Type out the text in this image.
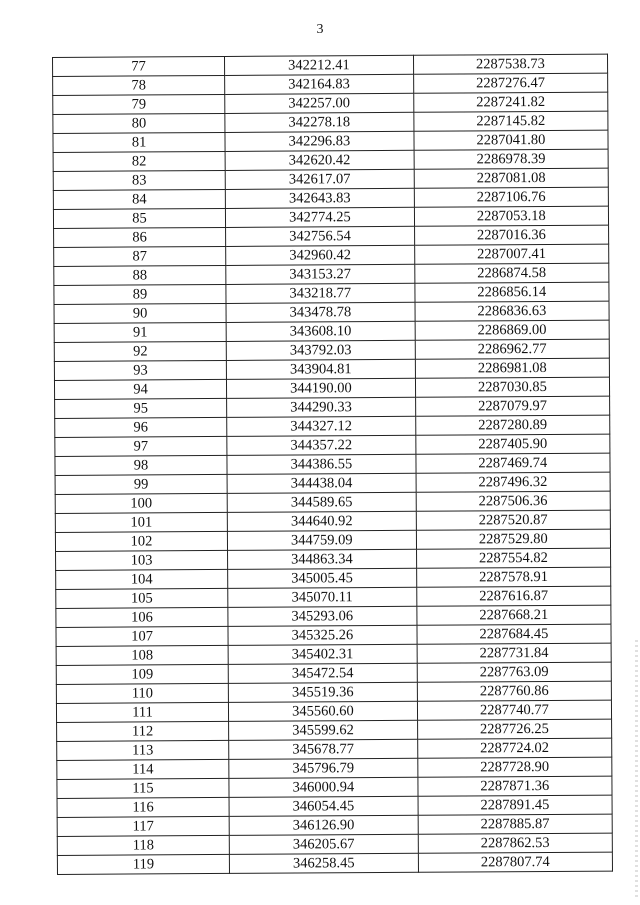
3
77	342212.41	2287538.73
78	342164.83	2287276.47
79	342257.00	2287241.82
80	342278.18	2287145.82
81	342296.83	2287041.80
82	342620.42	2286978.39
83	342617.07	2287081.08
84	342643.83	2287106.76
85	342774.25	2287053.18
86	342756.54	2287016.36
87	342960.42	2287007.41
88	343153.27	2286874.58
89	343218.77	2286856.14
90	343478.78	2286836.63
91	343608.10	2286869.00
92	343792.03	2286962.77
93	343904.81	2286981.08
94	344190.00	2287030.85
95	344290.33	2287079.97
96	344327.12	2287280.89
97	344357.22	2287405.90
98	344386.55	2287469.74
99	344438.04	2287496.32
100	344589.65	2287506.36
101	344640.92	2287520.87
102	344759.09	2287529.80
103	344863.34	2287554.82
104	345005.45	2287578.91
105	345070.11	2287616.87
106	345293.06	2287668.21
107	345325.26	2287684.45
108	345402.31	2287731.84
109	345472.54	2287763.09
110	345519.36	2287760.86
111	345560.60	2287740.77
112	345599.62	2287726.25
113	345678.77	2287724.02
114	345796.79	2287728.90
115	346000.94	2287871.36
116	346054.45	2287891.45
117	346126.90	2287885.87
118	346205.67	2287862.53
119	346258.45	2287807.74
